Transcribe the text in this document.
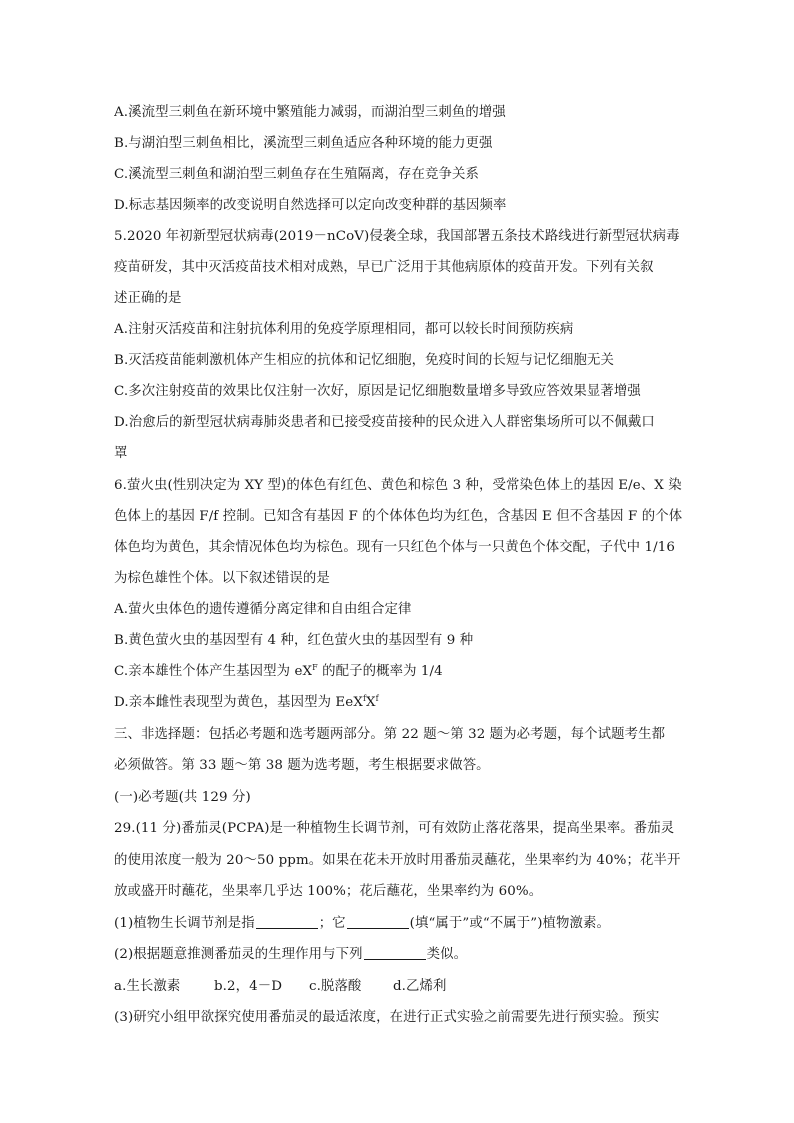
A.溪流型三刺鱼在新环境中繁殖能力减弱，而湖泊型三刺鱼的增强
B.与湖泊型三刺鱼相比，溪流型三刺鱼适应各种环境的能力更强
C.溪流型三刺鱼和湖泊型三刺鱼存在生殖隔离，存在竞争关系
D.标志基因频率的改变说明自然选择可以定向改变种群的基因频率
5.2020 年初新型冠状病毒(2019－nCoV)侵袭全球，我国部署五条技术路线进行新型冠状病毒
疫苗研发，其中灭活疫苗技术相对成熟，早已广泛用于其他病原体的疫苗开发。下列有关叙
述正确的是
A.注射灭活疫苗和注射抗体利用的免疫学原理相同，都可以较长时间预防疾病
B.灭活疫苗能刺激机体产生相应的抗体和记忆细胞，免疫时间的长短与记忆细胞无关
C.多次注射疫苗的效果比仅注射一次好，原因是记忆细胞数量增多导致应答效果显著增强
D.治愈后的新型冠状病毒肺炎患者和已接受疫苗接种的民众进入人群密集场所可以不佩戴口
罩
6.萤火虫(性别决定为 XY 型)的体色有红色、黄色和棕色 3 种，受常染色体上的基因 E/e、X 染
色体上的基因 F/f 控制。已知含有基因 F 的个体体色均为红色，含基因 E 但不含基因 F 的个体
体色均为黄色，其余情况体色均为棕色。现有一只红色个体与一只黄色个体交配，子代中 1/16
为棕色雄性个体。以下叙述错误的是
A.萤火虫体色的遗传遵循分离定律和自由组合定律
B.黄色萤火虫的基因型有 4 种，红色萤火虫的基因型有 9 种
C.亲本雄性个体产生基因型为 $eX^F$ 的配子的概率为 1/4
D.亲本雌性表现型为黄色，基因型为 $EeX^fX^f$
三、非选择题：包括必考题和选考题两部分。第 22 题～第 32 题为必考题，每个试题考生都
必须做答。第 33 题～第 38 题为选考题，考生根据要求做答。
(一)必考题(共 129 分)
29.(11 分)番茄灵(PCPA)是一种植物生长调节剂，可有效防止落花落果，提高坐果率。番茄灵
的使用浓度一般为 20～50 ppm。如果在花未开放时用番茄灵蘸花，坐果率约为 40%；花半开
放或盛开时蘸花，坐果率几乎达 100%；花后蘸花，坐果率约为 60%。
(1)植物生长调节剂是指	；它	(填“属于”或“不属于”)植物激素。
(2)根据题意推测番茄灵的生理作用与下列	类似。
a.生长激素	b.2，4－D c.脱落酸 d.乙烯利
(3)研究小组甲欲探究使用番茄灵的最适浓度，在进行正式实验之前需要先进行预实验。预实
